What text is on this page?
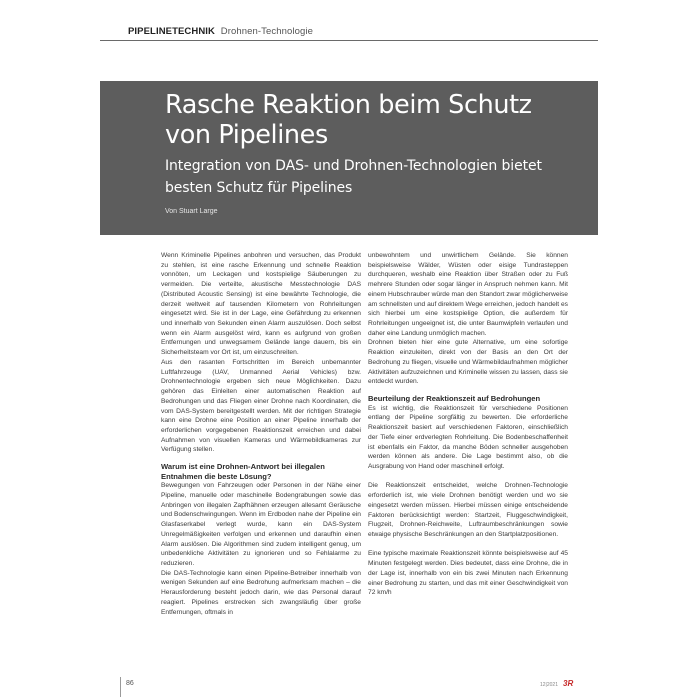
PIPELINETECHNIK Drohnen-Technologie
Rasche Reaktion beim Schutz von Pipelines
Integration von DAS- und Drohnen-Technologien bietet besten Schutz für Pipelines
Von Stuart Large

Wenn Kriminelle Pipelines anbohren und versuchen, das Produkt zu stehlen, ist eine rasche Erkennung und schnelle Reaktion vonnöten, um Leckagen und kostspielige Säuberungen zu vermeiden. Die verteilte, akustische Messtechnologie DAS (Distributed Acoustic Sensing) ist eine bewährte Technologie, die derzeit weltweit auf tausenden Kilometern von Rohrleitungen eingesetzt wird. Sie ist in der Lage, eine Gefährdung zu erkennen und innerhalb von Sekunden einen Alarm auszulösen. Doch selbst wenn ein Alarm ausgelöst wird, kann es aufgrund von großen Entfernungen und unwegsamem Gelände lange dauern, bis ein Sicherheitsteam vor Ort ist, um einzuschreiten.

Aus den rasanten Fortschritten im Bereich unbemannter Luftfahrzeuge (UAV, Unmanned Aerial Vehicles) bzw. Drohnentechnologie ergeben sich neue Möglichkeiten. Dazu gehören das Einleiten einer automatischen Reaktion auf Bedrohungen und das Fliegen einer Drohne nach Koordinaten, die vom DAS-System bereitgestellt werden. Mit der richtigen Strategie kann eine Drohne eine Position an einer Pipeline innerhalb der erforderlichen vorgegebenen Reaktionszeit erreichen und dabei Aufnahmen von visuellen Kameras und Wärmebildkameras zur Verfügung stellen.

Warum ist eine Drohnen-Antwort bei illegalen Entnahmen die beste Lösung?

Bewegungen von Fahrzeugen oder Personen in der Nähe einer Pipeline, manuelle oder maschinelle Bodengrabungen sowie das Anbringen von illegalen Zapfhähnen erzeugen allesamt Geräusche und Bodenschwingungen. Wenn im Erdboden nahe der Pipeline ein Glasfaserkabel verlegt wurde, kann ein DAS-System Unregelmäßigkeiten verfolgen und erkennen und daraufhin einen Alarm auslösen. Die Algorithmen sind zudem intelligent genug, um unbedenkliche Aktivitäten zu ignorieren und so Fehlalarme zu reduzieren.

Die DAS-Technologie kann einen Pipeline-Betreiber innerhalb von wenigen Sekunden auf eine Bedrohung aufmerksam machen – die Herausforderung besteht jedoch darin, wie das Personal darauf reagiert. Pipelines erstrecken sich zwangsläufig über große Entfernungen, oftmals in

unbewohntem und unwirtlichem Gelände. Sie können beispielsweise Wälder, Wüsten oder eisige Tundrasteppen durchqueren, weshalb eine Reaktion über Straßen oder zu Fuß mehrere Stunden oder sogar länger in Anspruch nehmen kann. Mit einem Hubschrauber würde man den Standort zwar möglicherweise am schnellsten und auf direktem Wege erreichen, jedoch handelt es sich hierbei um eine kostspielige Option, die außerdem für Rohrleitungen ungeeignet ist, die unter Baumwipfeln verlaufen und daher eine Landung unmöglich machen.

Drohnen bieten hier eine gute Alternative, um eine sofortige Reaktion einzuleiten, direkt von der Basis an den Ort der Bedrohung zu fliegen, visuelle und Wärmebildaufnahmen möglicher Aktivitäten aufzuzeichnen und Kriminelle wissen zu lassen, dass sie entdeckt wurden.

Beurteilung der Reaktionszeit auf Bedrohungen

Es ist wichtig, die Reaktionszeit für verschiedene Positionen entlang der Pipeline sorgfältig zu bewerten. Die erforderliche Reaktionszeit basiert auf verschiedenen Faktoren, einschließlich der Tiefe einer erdverlegten Rohrleitung. Die Bodenbeschaffenheit ist ebenfalls ein Faktor, da manche Böden schneller ausgehoben werden können als andere. Die Lage bestimmt also, ob die Ausgrabung von Hand oder maschinell erfolgt.

Die Reaktionszeit entscheidet, welche Drohnen-Technologie erforderlich ist, wie viele Drohnen benötigt werden und wo sie eingesetzt werden müssen. Hierbei müssen einige entscheidende Faktoren berücksichtigt werden: Startzeit, Fluggeschwindigkeit, Flugzeit, Drohnen-Reichweite, Luftraumbeschränkungen sowie etwaige physische Beschränkungen an den Startplatzpositionen.

Eine typische maximale Reaktionszeit könnte beispielsweise auf 45 Minuten festgelegt werden. Dies bedeutet, dass eine Drohne, die in der Lage ist, innerhalb von ein bis zwei Minuten nach Erkennung einer Bedrohung zu starten, und das mit einer Geschwindigkeit von 72 km/h

86	12|2021 3R
